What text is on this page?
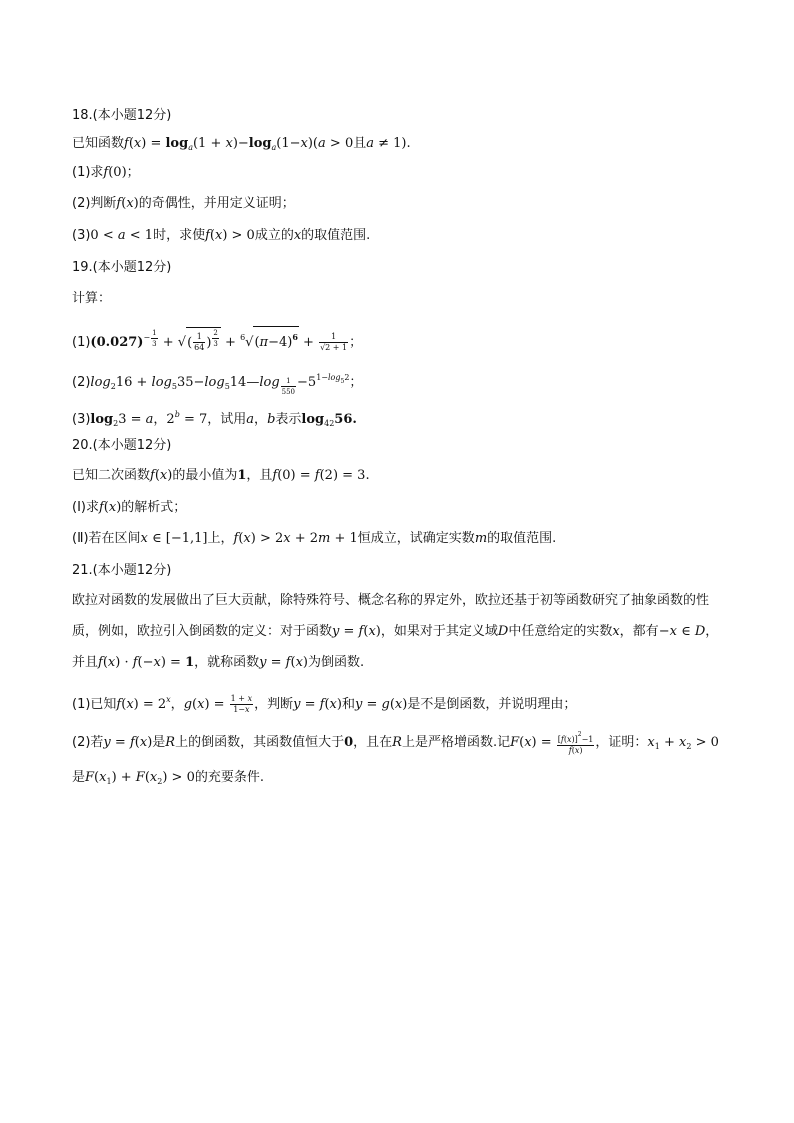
18.(本小题12分)
已知函数$f(x) = \log_a(1 + x)-\log_a(1-x)(a > 0$且a ≠ 1).
(1)求f(0)；
(2)判断f(x)的奇偶性，并用定义证明；
(3)0 < a < 1时，求使f(x) > 0成立的x的取值范围.
19.(本小题12分)
计算：
$(1)(0.027)^{- \frac{1}{3}}$ + √( $\frac{1}{64}$ ) $^{\frac{2}{3}} + ^6√(\pi-4)^6 + \frac{1}{√2 + 1}$ ；
$(2)\log_216$ + $\log_535-\log_514—\log$ $_{\frac{1}{550}} -5^{1-log_52}$；
$(3)\log_23 = a$，$2^b = 7$，试用a，b表示$\log_{42}56$.
20.(本小题12分)
已知二次函数f(x)的最小值为1，且f(0) = f(2) = 3.
(Ⅰ)求f(x)的解析式；
(Ⅱ)若在区间x ∈ [−1,1]上，f(x) > 2x + 2m + 1恒成立，试确定实数m的取值范围.
21.(本小题12分)
欧拉对函数的发展做出了巨大贡献，除特殊符号、概念名称的界定外，欧拉还基于初等函数研究了抽象函数的性质，例如，欧拉引入倒函数的定义：对于函数y = f(x)，如果对于其定义域D中任意给定的实数x，都有−x ∈ D，并且f(x) · f(−x) = 1，就称函数y = f(x)为倒函数.
(1)已知$f(x) = 2^x$，$g(x) = \frac{1 + x}{1-x}$ ，判断y = f(x)和y = g(x)是不是倒函数，并说明理由；
(2)若y = f(x)是R上的倒函数，其函数值恒大于0，且在R上是严格增函数.记$F(x) = \frac{[f(x)]^2-1}{f(x)}$ ，证明：$x_1 + x_2 > 0$是$F(x_1) + F(x_2) > 0$的充要条件.
